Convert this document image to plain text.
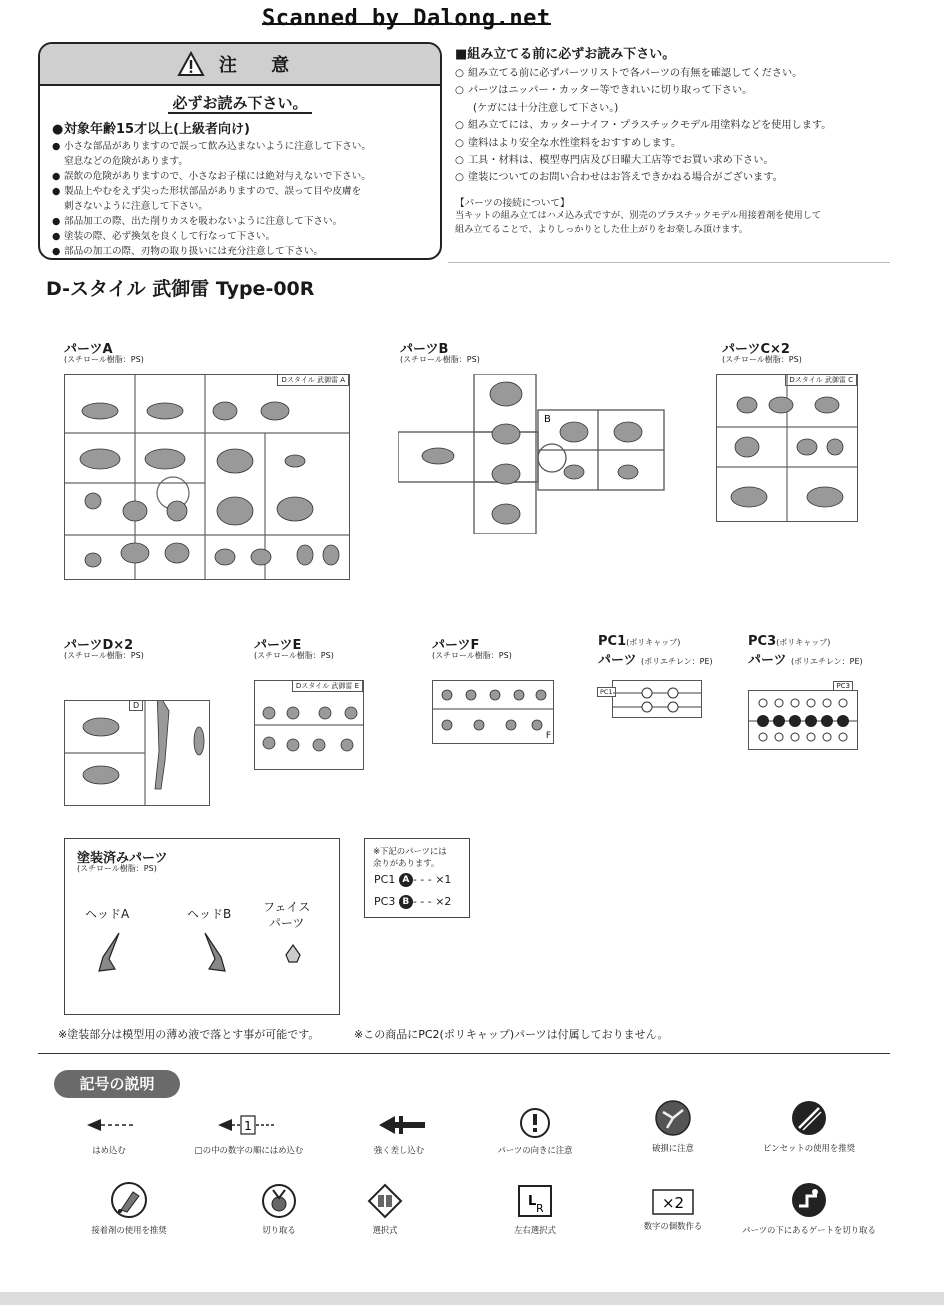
Scanned by Dalong.net
注 意
必ずお読み下さい。
● 対象年齢15才以上(上級者向け)
● 小さな部品がありますので誤って飲み込まないように注意して下さい。
窒息などの危険があります。
● 誤飲の危険がありますので、小さなお子様には絶対与えないで下さい。
● 製品上やむをえず尖った形状部品がありますので、誤って目や皮膚を
刺さないように注意して下さい。
● 部品加工の際、出た削りカスを吸わないように注意して下さい。
● 塗装の際、必ず換気を良くして行なって下さい。
● 部品の加工の際、刃物の取り扱いには充分注意して下さい。
■組み立てる前に必ずお読み下さい。
○ 組み立てる前に必ずパーツリストで各パーツの有無を確認してください。
○ パーツはニッパー・カッター等できれいに切り取って下さい。
(ケガには十分注意して下さい。)
○ 組み立てには、カッターナイフ・プラスチックモデル用塗料などを使用します。
○ 塗料はより安全な水性塗料をおすすめします。
○ 工具・材料は、模型専門店及び日曜大工店等でお買い求め下さい。
○ 塗装についてのお問い合わせはお答えできかねる場合がございます。
【パーツの接続について】
当キットの組み立てはハメ込み式ですが、別売のプラスチックモデル用接着剤を使用して
組み立てることで、よりしっかりとした仕上がりをお楽しみ頂けます。
D-スタイル 武御雷 Type-00R
パーツA
(スチロール樹脂：PS)
パーツB
(スチロール樹脂：PS)
パーツC×2
(スチロール樹脂：PS)
Dスタイル 武御雷 A
B
Dスタイル 武御雷 C
パーツD×2
(スチロール樹脂：PS)
パーツE
(スチロール樹脂：PS)
パーツF
(スチロール樹脂：PS)
PC1(ポリキャップ)
パーツ (ポリエチレン：PE)
PC3(ポリキャップ)
パーツ (ポリエチレン：PE)
D
Dスタイル 武御雷 E
F
PC1
PC3
塗装済みパーツ
(スチロール樹脂：PS)
ヘッドA	ヘッドB	フェイス
パーツ
※下記のパーツには
余りがあります。
PC1 A - - - ×1
PC3 B - - - ×2
※塗装部分は模型用の薄め液で落とす事が可能です。	※この商品にPC2(ポリキャップ)パーツは付属しておりません。
記号の説明
はめ込む
1
□の中の数字の順にはめ込む	強く差し込む	パーツの向きに注意	破損に注意	ピンセットの使用を推奨
接着剤の使用を推奨	切り取る	選択式
L R
左右選択式
×2
数字の個数作る	パーツの下にあるゲートを切り取る
